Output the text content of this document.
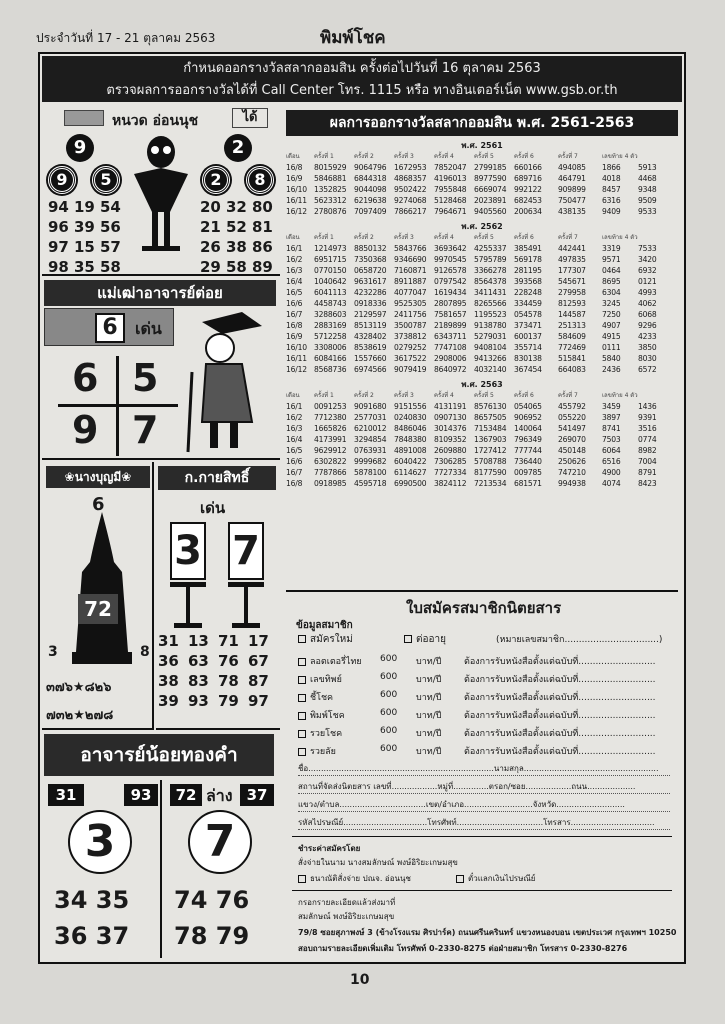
ประจำวันที่ 17 - 21 ตุลาคม 2563	พิมพ์โชค
กำหนดออกรางวัลสลากออมสิน ครั้งต่อไปวันที่ 16 ตุลาคม 2563
ตรวจผลการออกรางวัลได้ที่ Call Center โทร. 1115 หรือ ทางอินเตอร์เน็ต www.gsb.or.th
หนวด อ่อนนุช	ได้
9	2
9	5	2	8
94 19 54
96 39 56
97 15 57
98 35 58
20 32 80
21 52 81
26 38 86
29 58 89
แม่เฒ่าอาจารย์ต่อย
6	เด่น
6 5
9 7
❀นางบุญมี❀
6
72
3	8
๓๗๖★๘๒๖
๗๓๒★๒๗๘
ก.กายสิทธิ์
เด่น
3 7
31 13 71 17
36 63 76 67
38 83 78 87
39 93 79 97
อาจารย์น้อยทองคำ
31	93	72 ล่าง 37
3	7
34 35
36 37
74 76
78 79
ผลการออกรางวัลสลากออมสิน พ.ศ. 2561-2563
พ.ศ. 2561
เดือน	ครั้งที่ 1	ครั้งที่ 2	ครั้งที่ 3	ครั้งที่ 4	ครั้งที่ 5	ครั้งที่ 6	ครั้งที่ 7	เลขท้าย 4 ตัว
16/8	8015929 9064796 1672953 7852047 2799185 660166	494085	1866	5913
16/9	5846881 6844318 4868357 4196013 8977590 689716	464791	4018	4468
16/10 1352825 9044098 9502422 7955848 6669074 992122	909899	8457	9348
16/11 5623312 6219638 9274068 5128468 2023891 682453	750477	6316	9509
16/12 2780876 7097409 7866217 7964671 9405560 200634	438135	9409	9533
พ.ศ. 2562
เดือน	ครั้งที่ 1	ครั้งที่ 2	ครั้งที่ 3	ครั้งที่ 4	ครั้งที่ 5	ครั้งที่ 6	ครั้งที่ 7	เลขท้าย 4 ตัว
16/1	1214973 8850132 5843766 3693642 4255337 385491	442441	3319	7533
16/2	6951715 7350368 9346690 9970545 5795789 569178	497835	9571	3420
16/3	0770150 0658720 7160871 9126578 3366278 281195	177307	0464	6932
16/4	1040642 9631617 8911887 0797542 8564378 393568	545671	8695	0121
16/5	6041113 4232286 4077047 1619434 3411431 228248	279958	6304	4993
16/6	4458743 0918336 9525305 2807895 8265566 334459	812593	3245	4062
16/7	3288603 2129597 2411756 7581657 1195523 054578	144587	7250	6068
16/8	2883169 8513119 3500787 2189899 9138780 373471	251313	4907	9296
16/9	5712258 4328402 3738812 6343711 5279031 600137	584609	4915	4233
16/10 3308006 8538619 0279252 7747108 9408104 355714	772469	0111	3850
16/11 6084166 1557660 3617522 2908006 9413266 830138	515841	5840	8030
16/12 8568736 6974566 9079419 8640972 4032140 367454	664083	2436	6572
พ.ศ. 2563
เดือน	ครั้งที่ 1	ครั้งที่ 2	ครั้งที่ 3	ครั้งที่ 4	ครั้งที่ 5	ครั้งที่ 6	ครั้งที่ 7	เลขท้าย 4 ตัว
16/1	0091253 9091680 9151556 4131191 8576130 054065	455792	3459	1436
16/2	7712380 2577031 0240830 0907130 8657505 906952	055220	3897	9391
16/3	1665826 6210012 8486046 3014376 7153484 140064	541497	8741	3516
16/4	4173991 3294854 7848380 8109352 1367903 796349	269070	7503	0774
16/5	9629912 0763931 4891008 2609880 1727412 777744	450148	6064	8982
16/6	6302822 9999682 6040422 7306285 5708788 736440	250626	6516	7004
16/7	7787866 5878100 6114627 7727334 8177590 009785	747210	4900	8791
16/8	0918985 4595718 6990500 3824112 7213534 681571	994938	4074	8423
ใบสมัครสมาชิกนิตยสาร
ข้อมูลสมาชิก
สมัครใหม่	ต่ออายุ	(หมายเลขสมาชิก.................................)
ลอตเตอรี่ไทย	600	บาท/ปี	ต้องการรับหนังสือตั้งแต่ฉบับที่...........................
เลขทิพย์	600	บาท/ปี	ต้องการรับหนังสือตั้งแต่ฉบับที่...........................
ชี้โชค	600	บาท/ปี	ต้องการรับหนังสือตั้งแต่ฉบับที่...........................
พิมพ์โชค	600	บาท/ปี	ต้องการรับหนังสือตั้งแต่ฉบับที่...........................
รวยโชค	600	บาท/ปี	ต้องการรับหนังสือตั้งแต่ฉบับที่...........................
รวยลัย	600	บาท/ปี	ต้องการรับหนังสือตั้งแต่ฉบับที่...........................
ชื่อ.........................................................................นามสกุล.....................................................
สถานที่จัดส่งนิตยสาร เลขที่..................หมู่ที่..............ตรอก/ซอย..................ถนน...................
แขวง/ตำบล..................................เขต/อำเภอ...........................จังหวัด...........................
รหัสไปรษณีย์.................................โทรศัพท์..................................โทรสาร.................................
ชำระค่าสมัครโดย
สั่งจ่ายในนาม นางสมลักษณ์ พงษ์อิริยะเกษมสุข
ธนาณัติสั่งจ่าย ปณจ. อ่อนนุช	ตั๋วแลกเงินไปรษณีย์
กรอกรายละเอียดแล้วส่งมาที่
สมลักษณ์ พงษ์อิริยะเกษมสุข
79/8 ซอยสุภาพงษ์ 3 (ข้างโรงแรม ศิรปาร์ค) ถนนศรีนครินทร์ แขวงหนองบอน เขตประเวศ กรุงเทพฯ 10250
สอบถามรายละเอียดเพิ่มเติม โทรศัพท์ 0-2330-8275 ต่อฝ่ายสมาชิก โทรสาร 0-2330-8276
10
